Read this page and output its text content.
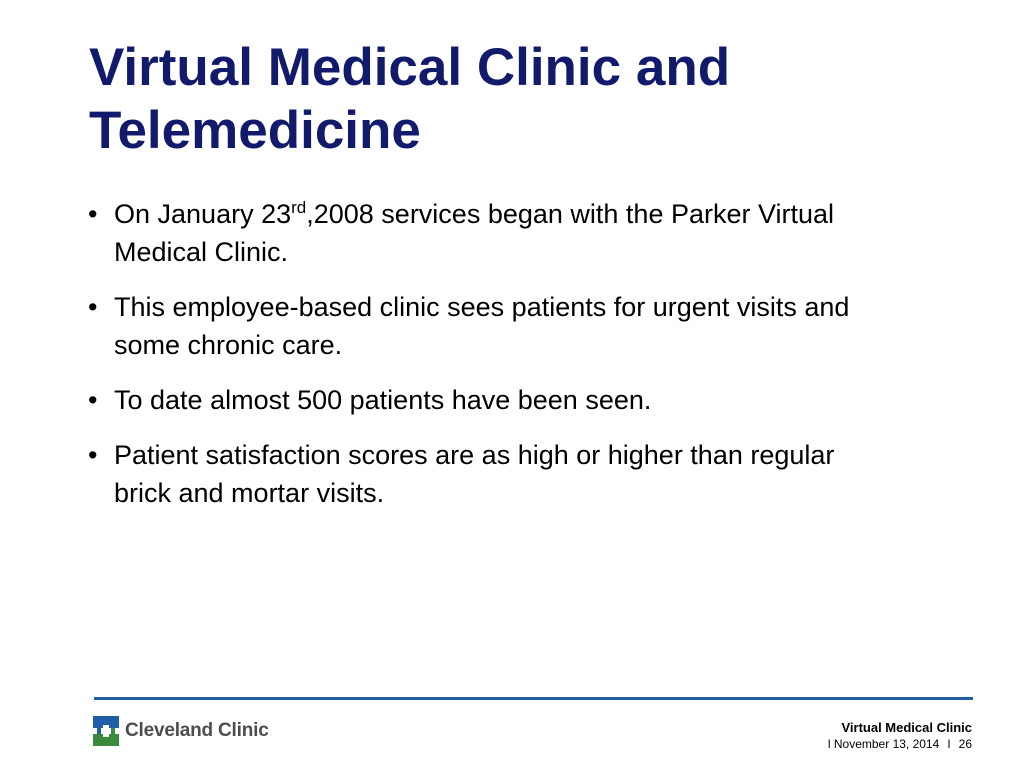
Virtual Medical Clinic and
Telemedicine
• On January 23rd,2008 services began with the Parker Virtual Medical Clinic.
• This employee-based clinic sees patients for urgent visits and some chronic care.
• To date almost 500 patients have been seen.
• Patient satisfaction scores are as high or higher than regular brick and mortar visits.
Cleveland Clinic	Virtual Medical Clinic
l November 13, 2014 l 26
